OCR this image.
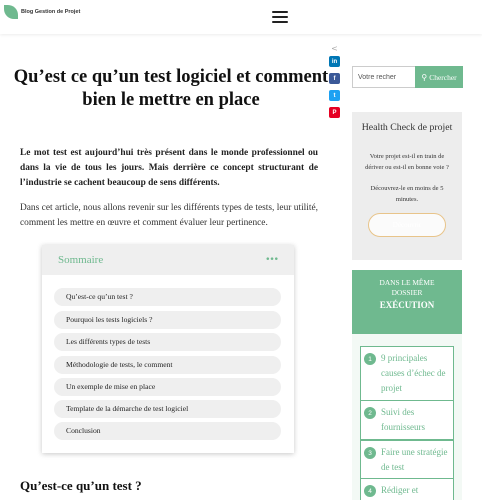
Blog Gestion de Projet
<
in
f
t
P
Qu’est ce qu’un test logiciel et comment bien le mettre en place

Le mot test est aujourd’hui très présent dans le monde professionnel ou dans la vie de tous les jours. Mais derrière ce concept structurant de l’industrie se cachent beaucoup de sens différents.

Dans cet article, nous allons revenir sur les différents types de tests, leur utilité, comment les mettre en œuvre et comment évaluer leur pertinence.

Sommaire	•••
Qu’est-ce qu’un test ?
Pourquoi les tests logiciels ?
Les différents types de tests
Méthodologie de tests, le comment
Un exemple de mise en place
Template de la démarche de test logiciel
Conclusion
Qu’est-ce qu’un test ?
Votre recher
⚲ Chercher
Health Check de projet
Votre projet est-il en train de dériver ou est-il en bonne voie ?
Découvrez-le en moins de 5 minutes.
Découvrir
DANS LE MÊME
DOSSIER
EXÉCUTION
1	9 principales causes d’échec de projet
2	Suivi des fournisseurs
3	Faire une stratégie de test
4	Rédiger et
